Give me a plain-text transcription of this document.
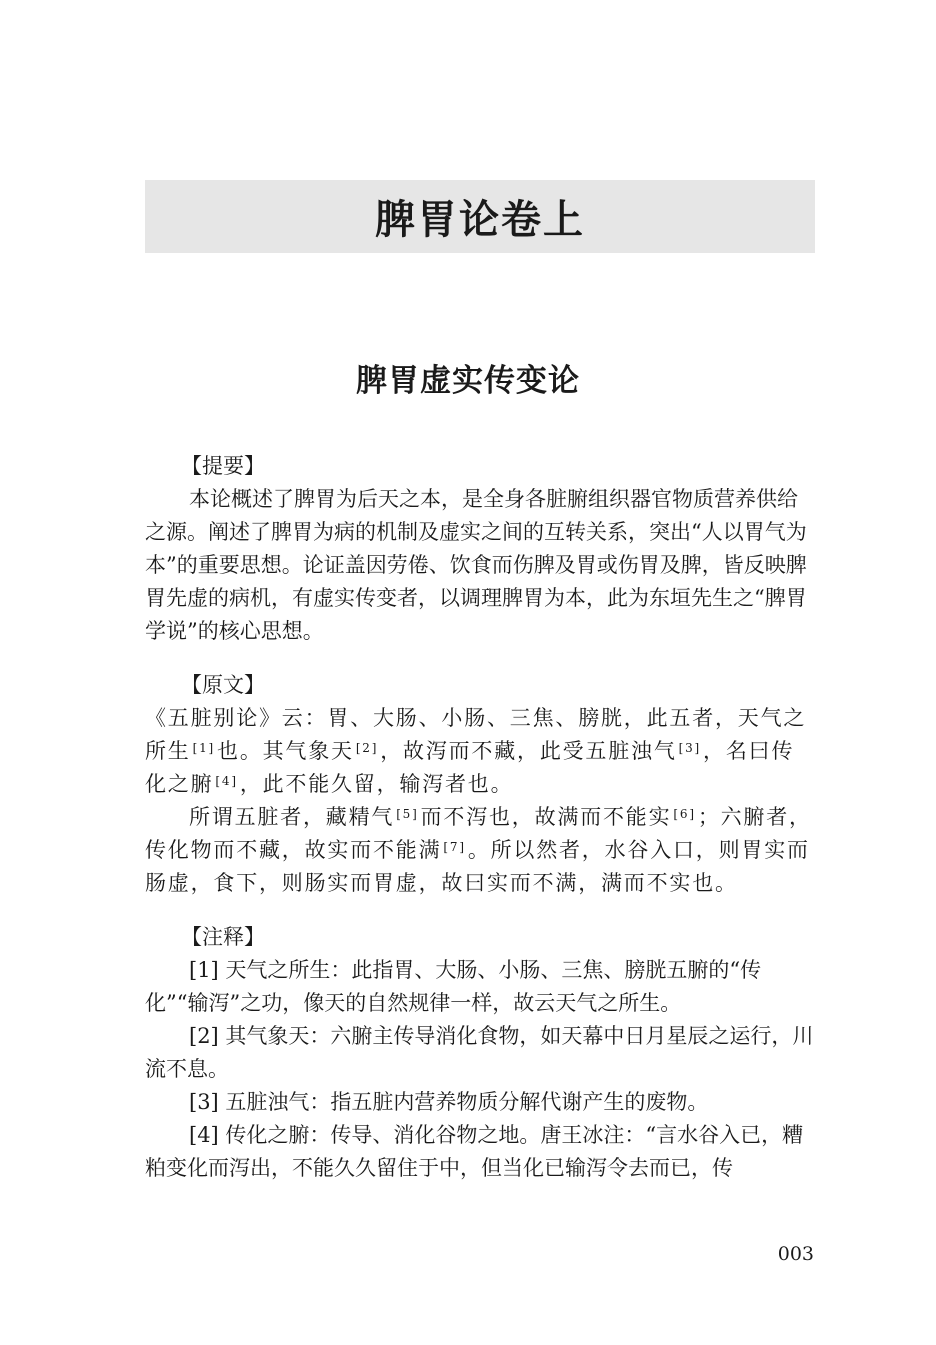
脾胃论卷上
脾胃虚实传变论

【提要】

本论概述了脾胃为后天之本，是全身各脏腑组织器官物质营养供给之源。阐述了脾胃为病的机制及虚实之间的互转关系，突出“人以胃气为本”的重要思想。论证盖因劳倦、饮食而伤脾及胃或伤胃及脾，皆反映脾胃先虚的病机，有虚实传变者，以调理脾胃为本，此为东垣先生之“脾胃学说”的核心思想。

【原文】

《五脏别论》云：胃、大肠、小肠、三焦、膀胱，此五者，天气之所生 [1]也。其气象天 [2]，故泻而不藏，此受五脏浊气 [3]，名曰传化之腑 [4]，此不能久留，输泻者也。

所谓五脏者，藏精气 [5]而不泻也，故满而不能实 [6]；六腑者，传化物而不藏，故实而不能满 [7]。所以然者，水谷入口，则胃实而肠虚，食下，则肠实而胃虚，故曰实而不满，满而不实也。

【注释】

[1] 天气之所生：此指胃、大肠、小肠、三焦、膀胱五腑的“传化”“输泻”之功，像天的自然规律一样，故云天气之所生。

[2] 其气象天：六腑主传导消化食物，如天幕中日月星辰之运行，川流不息。

[3] 五脏浊气：指五脏内营养物质分解代谢产生的废物。

[4] 传化之腑：传导、消化谷物之地。唐王冰注：“言水谷入已，糟粕变化而泻出，不能久久留住于中，但当化已输泻令去而已，传

003
